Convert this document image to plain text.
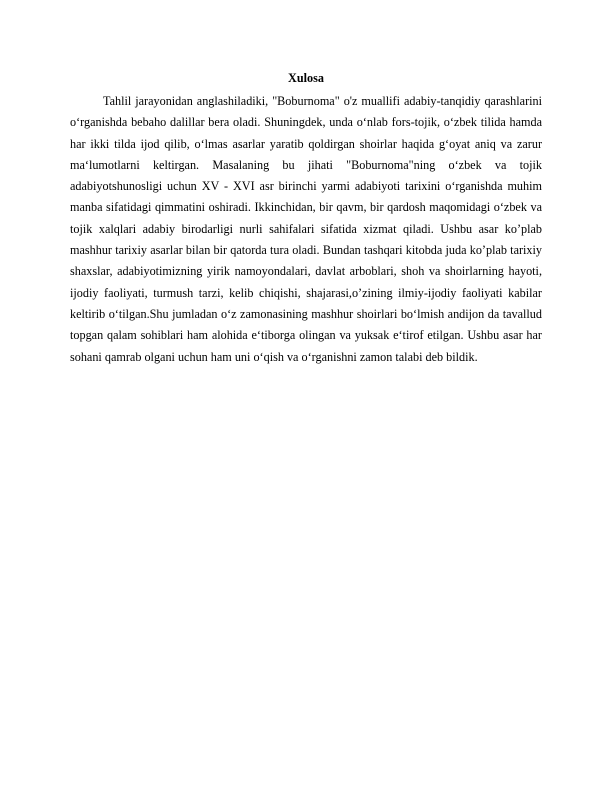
Xulosa

Tahlil jarayonidan anglashiladiki, "Boburnoma" o'z muallifi adabiy-tanqidiy qarashlarini o‘rganishda bebaho dalillar bera oladi. Shuningdek, unda o‘nlab fors-tojik, o‘zbek tilida hamda har ikki tilda ijod qilib, o‘lmas asarlar yaratib qoldirgan shoirlar haqida g‘oyat aniq va zarur ma‘lumotlarni keltirgan. Masalaning bu jihati "Boburnoma"ning o‘zbek va tojik adabiyotshunosligi uchun XV - XVI asr birinchi yarmi adabiyoti tarixini o‘rganishda muhim manba sifatidagi qimmatini oshiradi. Ikkinchidan, bir qavm, bir qardosh maqomidagi o‘zbek va tojik xalqlari adabiy birodarligi nurli sahifalari sifatida xizmat qiladi. Ushbu asar ko’plab mashhur tarixiy asarlar bilan bir qatorda tura oladi. Bundan tashqari kitobda juda ko’plab tarixiy shaxslar, adabiyotimizning yirik namoyondalari, davlat arboblari, shoh va shoirlarning hayoti, ijodiy faoliyati, turmush tarzi, kelib chiqishi, shajarasi,o’zining ilmiy-ijodiy faoliyati kabilar keltirib o‘tilgan.Shu jumladan o‘z zamonasining mashhur shoirlari bo‘lmish andijon da tavallud topgan qalam sohiblari ham alohida e‘tiborga olingan va yuksak e‘tirof etilgan. Ushbu asar har sohani qamrab olgani uchun ham uni o‘qish va o‘rganishni zamon talabi deb bildik.
